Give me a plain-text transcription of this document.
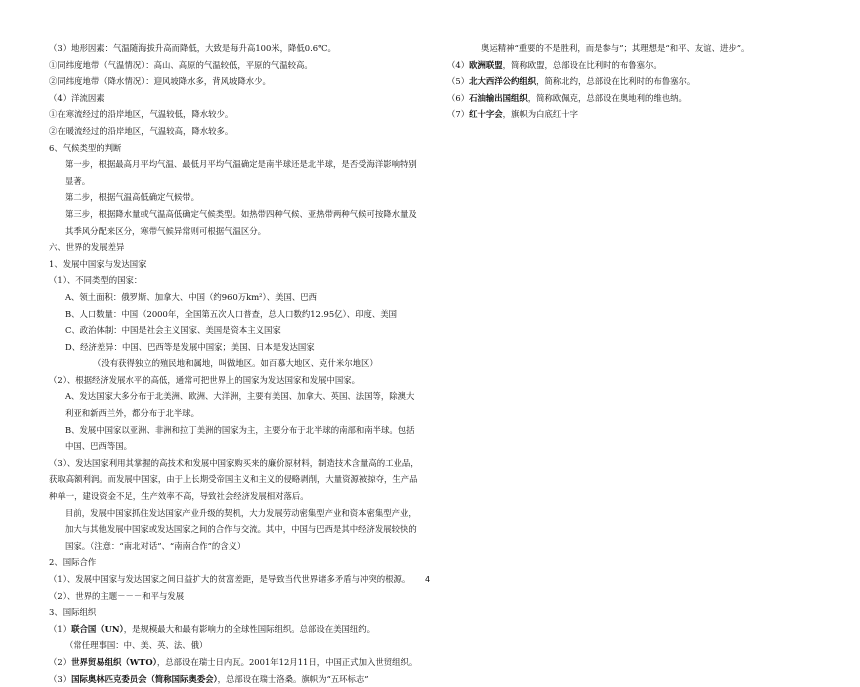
（3）地形因素：气温随海拔升高而降低，大致是每升高100米，降低0.6℃。
①同纬度地带（气温情况）：高山、高原的气温较低，平原的气温较高。
②同纬度地带（降水情况）：迎风坡降水多，背风坡降水少。
（4）洋流因素
①在寒流经过的沿岸地区，气温较低，降水较少。
②在暖流经过的沿岸地区，气温较高，降水较多。
6、气候类型的判断
第一步，根据最高月平均气温、最低月平均气温确定是南半球还是北半球，是否受海洋影响特别显著。
第二步，根据气温高低确定气候带。
第三步，根据降水量或气温高低确定气候类型。如热带四种气候、亚热带两种气候可按降水量及其季风分配来区分，寒带气候异常则可根据气温区分。
六、世界的发展差异
1、发展中国家与发达国家
（1）、不同类型的国家：
A、领土面积：俄罗斯、加拿大、中国（约960万km²）、美国、巴西
B、人口数量：中国（2000年，全国第五次人口普查，总人口数约12.95亿）、印度、美国
C、政治体制：中国是社会主义国家、美国是资本主义国家
D、经济差异：中国、巴西等是发展中国家；美国、日本是发达国家
（没有获得独立的殖民地和属地，叫做地区。如百慕大地区、克什米尔地区）
（2）、根据经济发展水平的高低，通常可把世界上的国家为发达国家和发展中国家。
A、发达国家大多分布于北美洲、欧洲、大洋洲，主要有美国、加拿大、英国、法国等，除澳大利亚和新西兰外，都分布于北半球。
B、发展中国家以亚洲、非洲和拉丁美洲的国家为主，主要分布于北半球的南部和南半球。包括中国、巴西等国。
（3）、发达国家利用其掌握的高技术和发展中国家购买来的廉价原材料，制造技术含量高的工业品，获取高额利润。而发展中国家，由于上长期受帝国主义和主义的侵略剥削，大量资源被掠夺，生产品种单一，建设资金不足，生产效率不高，导致社会经济发展相对落后。
目前，发展中国家抓住发达国家产业升级的契机，大力发展劳动密集型产业和资本密集型产业，加大与其他发展中国家或发达国家之间的合作与交流。其中，中国与巴西是其中经济发展较快的国家。（注意：“南北对话”、“南南合作”的含义）
2、国际合作
（1）、发展中国家与发达国家之间日益扩大的贫富差距，是导致当代世界诸多矛盾与冲突的根源。
（2）、世界的主题－－－和平与发展
3、国际组织
（1）联合国（UN），是规模最大和最有影响力的全球性国际组织。总部设在美国纽约。
（常任理事国：中、美、英、法、俄）
（2）世界贸易组织（WTO），总部设在瑞士日内瓦。2001年12月11日，中国正式加入世贸组织。
（3）国际奥林匹克委员会（简称国际奥委会），总部设在瑞士洛桑。旗帜为“五环标志”
奥运精神“重要的不是胜利，而是参与”；其理想是“和平、友谊、进步”。
（4）欧洲联盟，简称欧盟，总部设在比利时的布鲁塞尔。
（5）北大西洋公约组织，简称北约，总部设在比利时的布鲁塞尔。
（6）石油输出国组织，简称欧佩克，总部设在奥地利的维也纳。
（7）红十字会，旗帜为白底红十字
4
